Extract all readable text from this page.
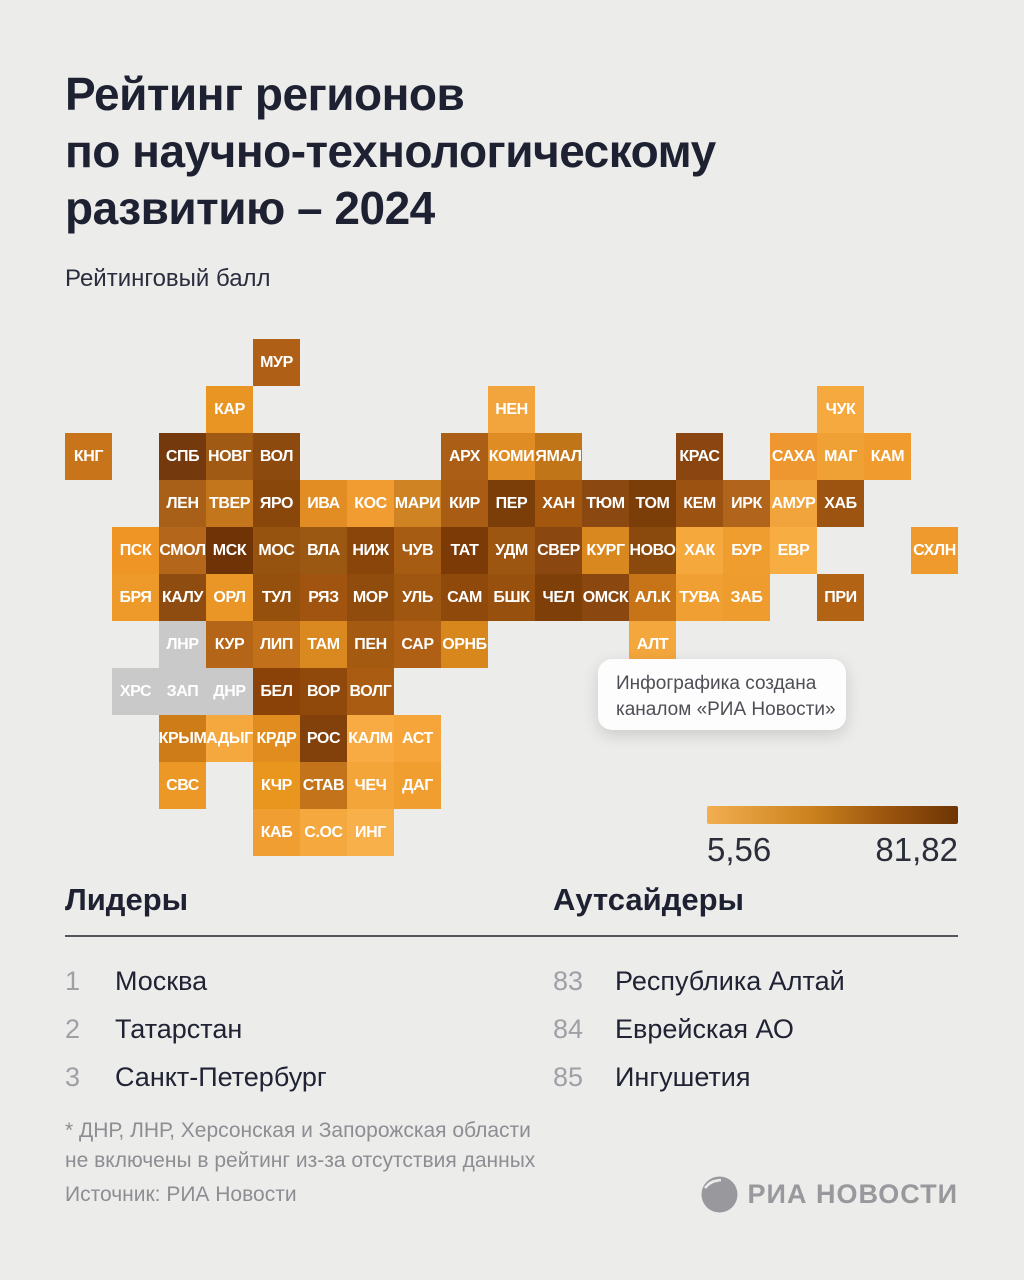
Рейтинг регионов
по научно-технологическому
развитию – 2024
Рейтинговый балл
МУР
КАР	НЕН	ЧУК
КНГ	СПБ НОВГ ВОЛ	АРХ КОМИ ЯМАЛ	КРАС	САХА МАГ КАМ
ЛЕН ТВЕР ЯРО ИВА КОС МАРИ КИР ПЕР ХАН ТЮМ ТОМ КЕМ ИРК АМУР ХАБ
ПСК СМОЛ МСК МОС ВЛА НИЖ ЧУВ ТАТ УДМ СВЕР КУРГ НОВО ХАК БУР ЕВР	СХЛН
БРЯ КАЛУ ОРЛ ТУЛ РЯЗ МОР УЛЬ САМ БШК ЧЕЛ ОМСК АЛ.К ТУВА ЗАБ	ПРИ
ЛНР КУР ЛИП ТАМ ПЕН САР ОРНБ	АЛТ
ХРС ЗАП ДНР БЕЛ ВОР ВОЛГ
КРЫМ АДЫГ КРДР РОС КАЛМ АСТ
СВС	КЧР СТАВ ЧЕЧ ДАГ
КАБ С.ОС ИНГ
Инфографика создана
каналом «РИА Новости»
5,56	81,82
Лидеры	Аутсайдеры
1 Москва
2 Татарстан
3 Санкт-Петербург
83 Республика Алтай
84 Еврейская АО
85 Ингушетия
* ДНР, ЛНР, Херсонская и Запорожская области
не включены в рейтинг из-за отсутствия данных
Источник: РИА Новости	РИА НОВОСТИ
